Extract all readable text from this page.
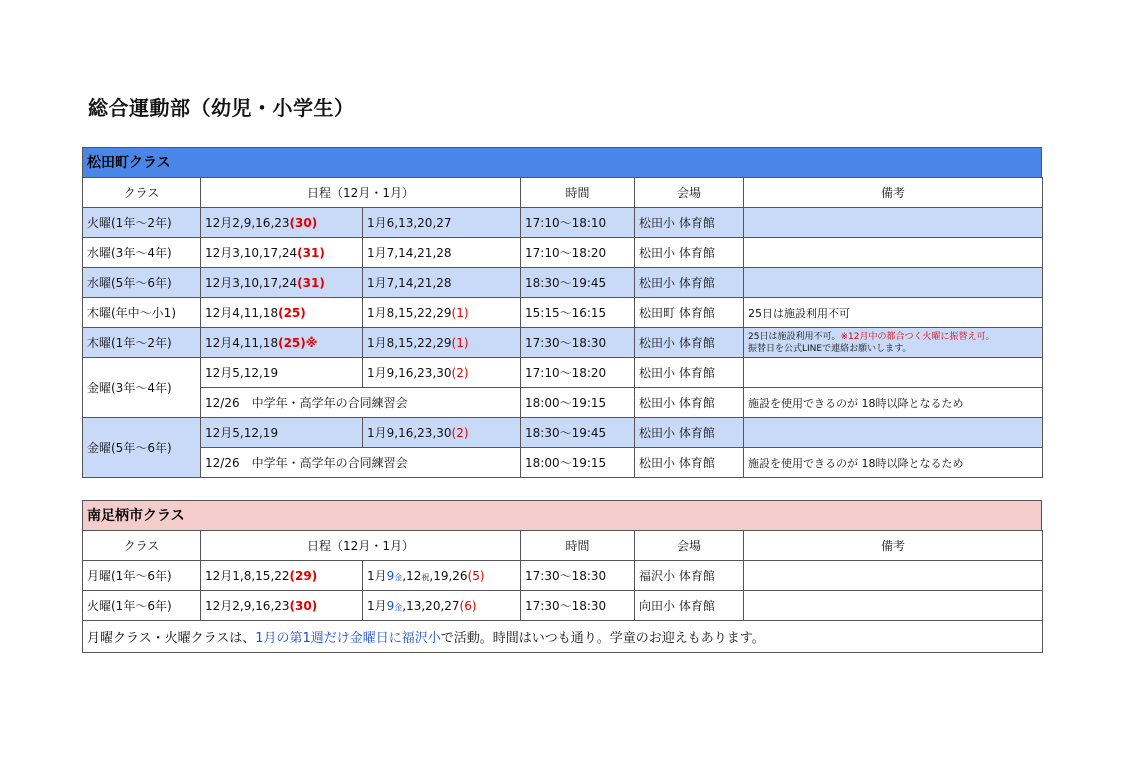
総合運動部（幼児・小学生）
松田町クラス
クラス	日程（12月・1月）		時間	会場	備考
火曜(1年～2年)	12月2,9,16,23(30)	1月6,13,20,27	17:10～18:10	松田小 体育館	
水曜(3年～4年)	12月3,10,17,24(31)	1月7,14,21,28	17:10～18:20	松田小 体育館	
水曜(5年～6年)	12月3,10,17,24(31)	1月7,14,21,28	18:30～19:45	松田小 体育館	
木曜(年中～小1)	12月4,11,18(25)	1月8,15,22,29(1)	15:15～16:15	松田町 体育館	25日は施設利用不可
木曜(1年～2年)	12月4,11,18(25)※	1月8,15,22,29(1)	17:30～18:30	松田小 体育館	25日は施設利用不可。※12月中の都合つく火曜に振替え可。
振替日を公式LINEで連絡お願いします。
金曜(3年～4年)	12月5,12,19	1月9,16,23,30(2)	17:10～18:20	松田小 体育館	
	12/26　中学年・高学年の合同練習会		18:00～19:15	松田小 体育館	施設を使用できるのが 18時以降となるため
金曜(5年～6年)	12月5,12,19	1月9,16,23,30(2)	18:30～19:45	松田小 体育館	
	12/26　中学年・高学年の合同練習会		18:00～19:15	松田小 体育館	施設を使用できるのが 18時以降となるため
南足柄市クラス
クラス	日程（12月・1月）		時間	会場	備考
月曜(1年～6年)	12月1,8,15,22(29)	1月9金,12祝,19,26(5)	17:30～18:30	福沢小 体育館	
火曜(1年～6年)	12月2,9,16,23(30)	1月9金,13,20,27(6)	17:30～18:30	向田小 体育館	
月曜クラス・火曜クラスは、1月の第1週だけ金曜日に福沢小で活動。時間はいつも通り。学童のお迎えもあります。					
